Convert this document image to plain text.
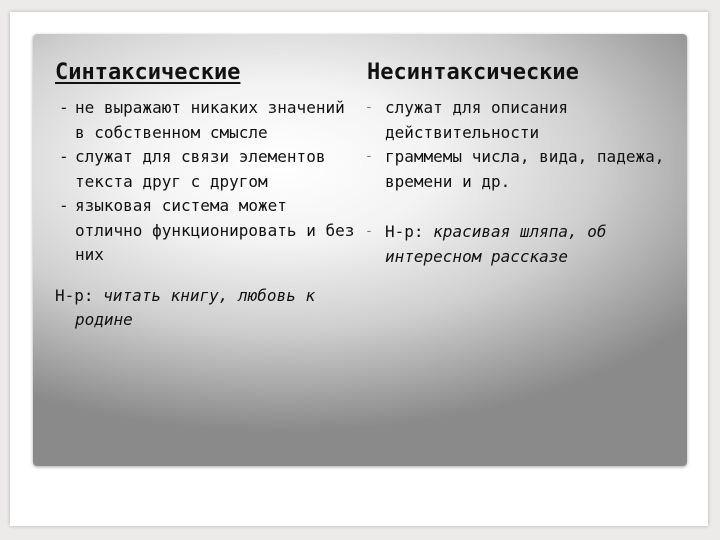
Синтаксические

- не выражают никаких значений в собственном смысле

- служат для связи элементов текста друг с другом

- языковая система может отлично функционировать и без них

Н-р: читать книгу, любовь к родине

Несинтаксические

- служат для описания действительности

- граммемы числа, вида, падежа, времени и др.

- Н-р: красивая шляпа, об интересном рассказе
